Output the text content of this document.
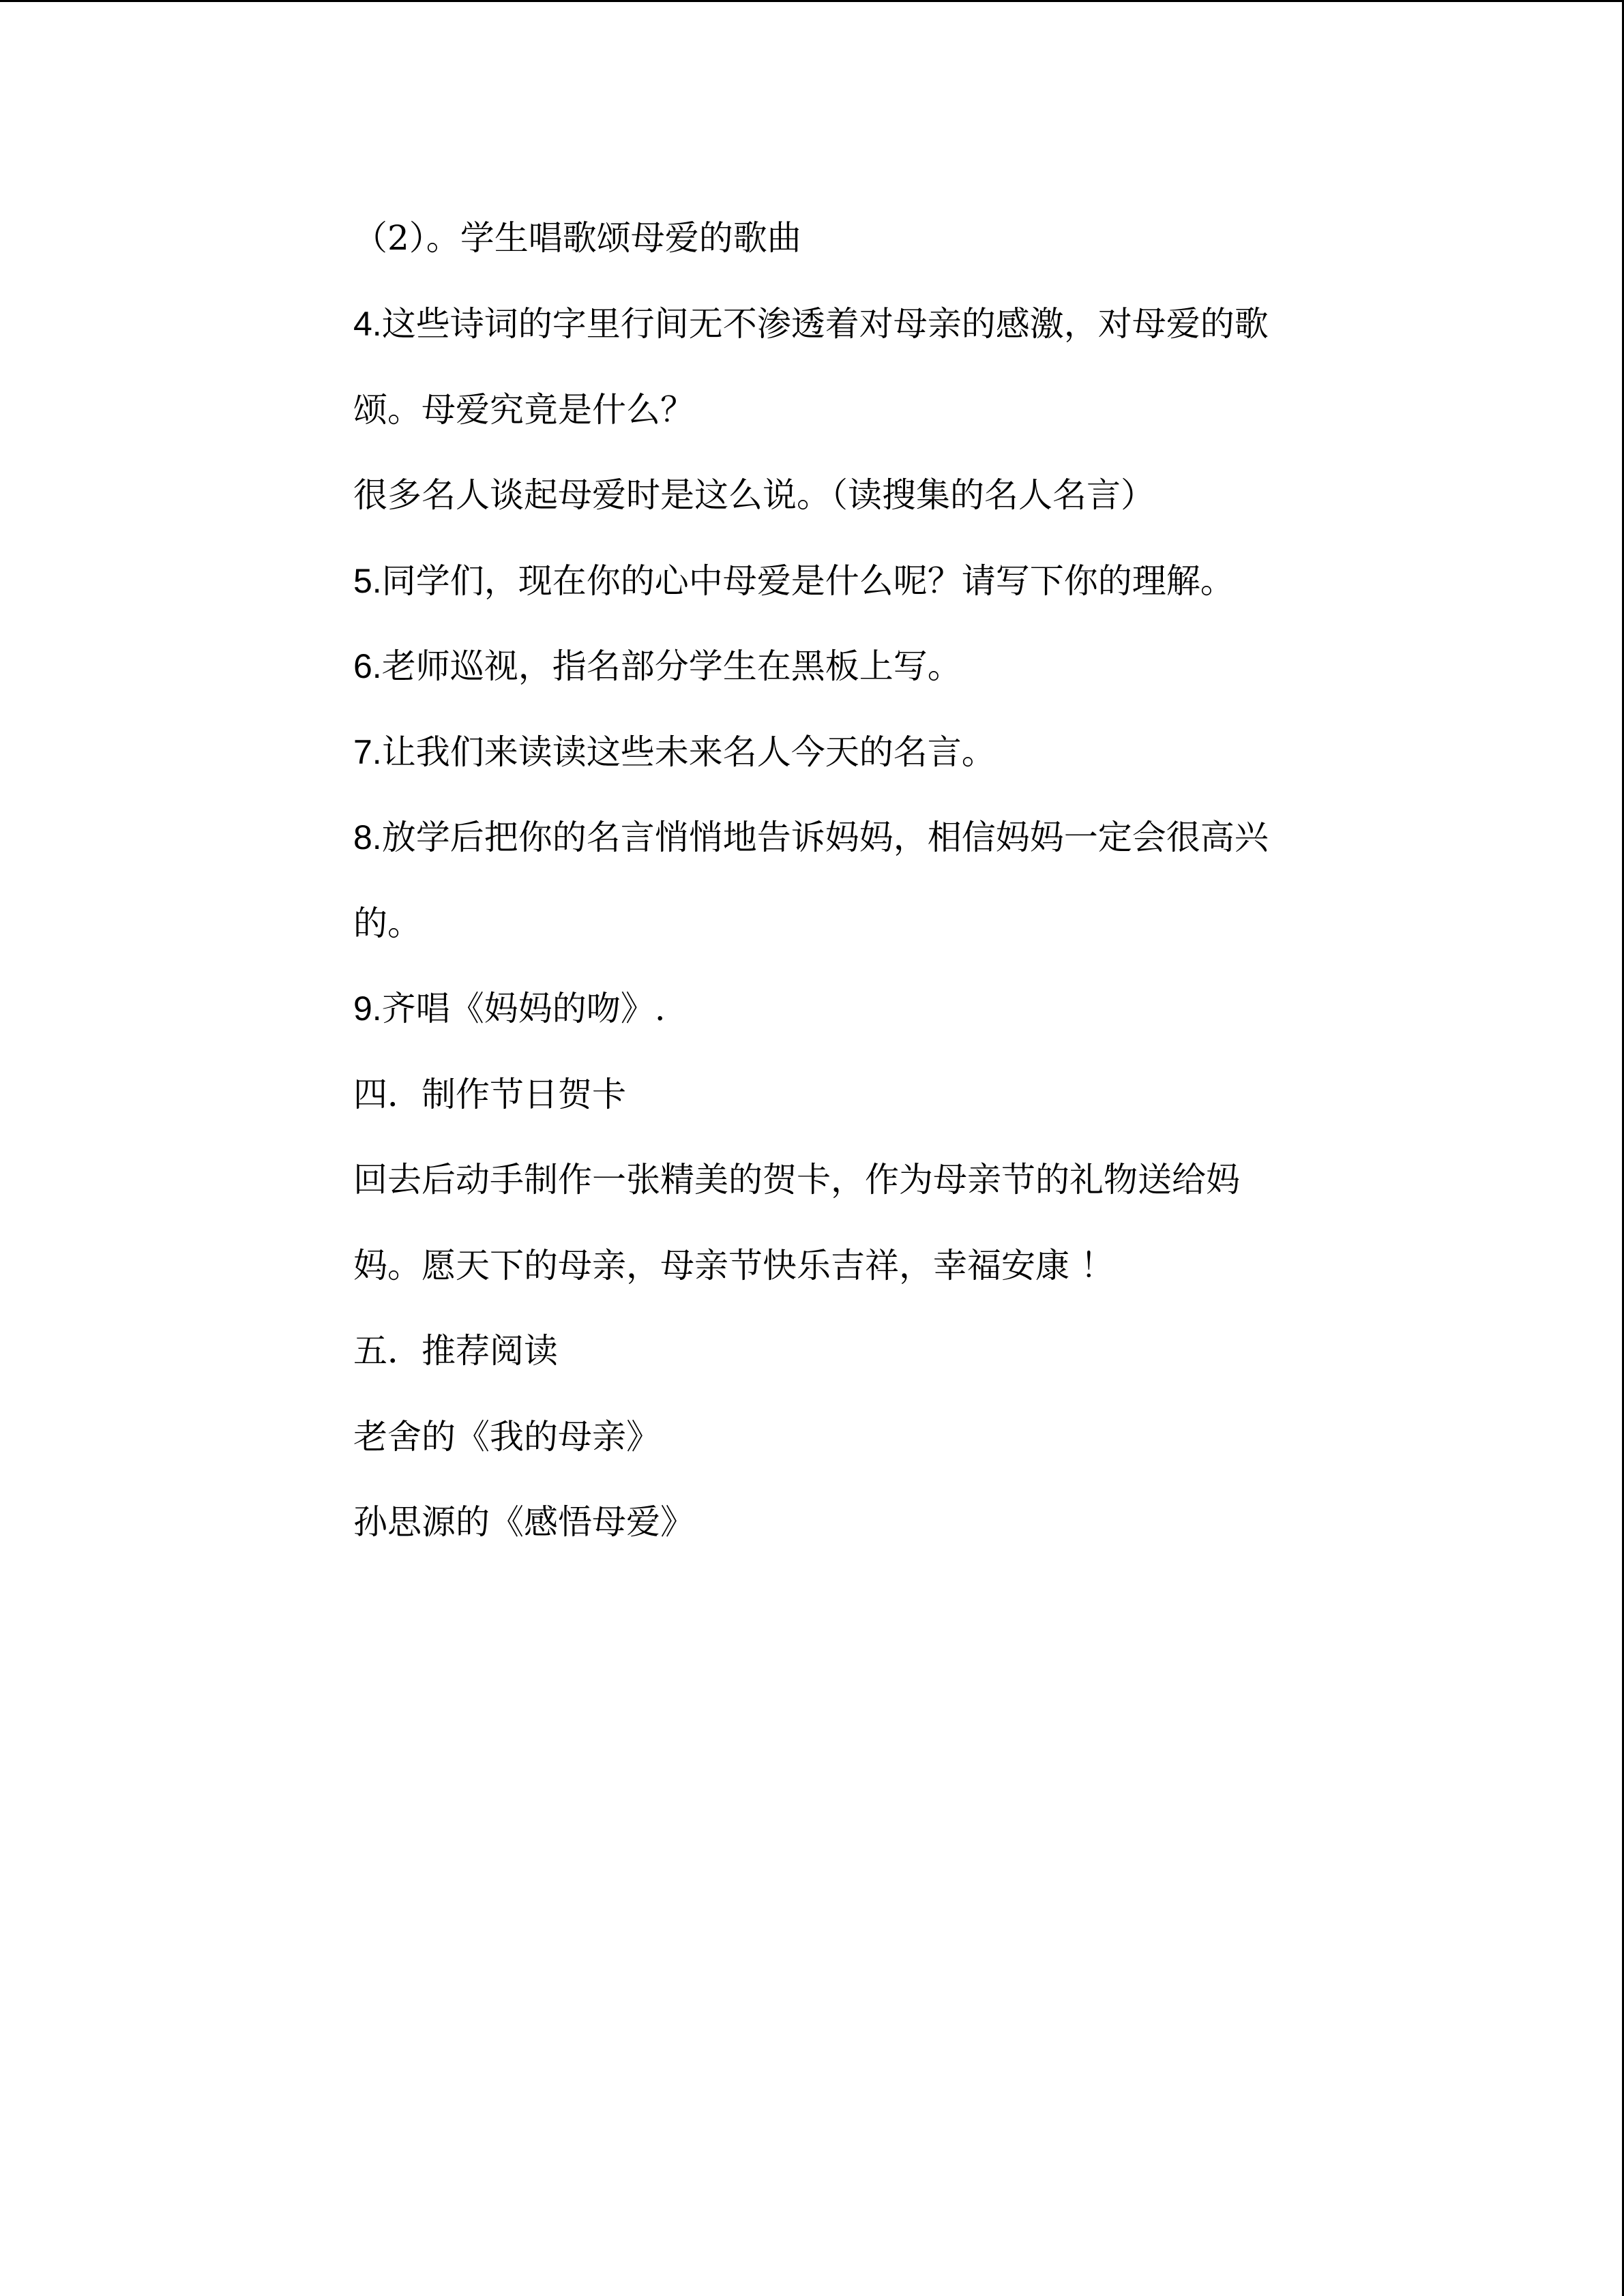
（2）。学生唱歌颂母爱的歌曲

4.这些诗词的字里行间无不渗透着对母亲的感激，对母爱的歌

颂。母爱究竟是什么？

很多名人谈起母爱时是这么说。（读搜集的名人名言）

5.同学们，现在你的心中母爱是什么呢？请写下你的理解。

6.老师巡视，指名部分学生在黑板上写。

7.让我们来读读这些未来名人今天的名言。

8.放学后把你的名言悄悄地告诉妈妈，相信妈妈一定会很高兴

的。

9.齐唱《妈妈的吻》.

四．制作节日贺卡

回去后动手制作一张精美的贺卡，作为母亲节的礼物送给妈

妈。愿天下的母亲，母亲节快乐吉祥，幸福安康 ！

五．推荐阅读

老舍的《我的母亲》

孙思源的《感悟母爱》
